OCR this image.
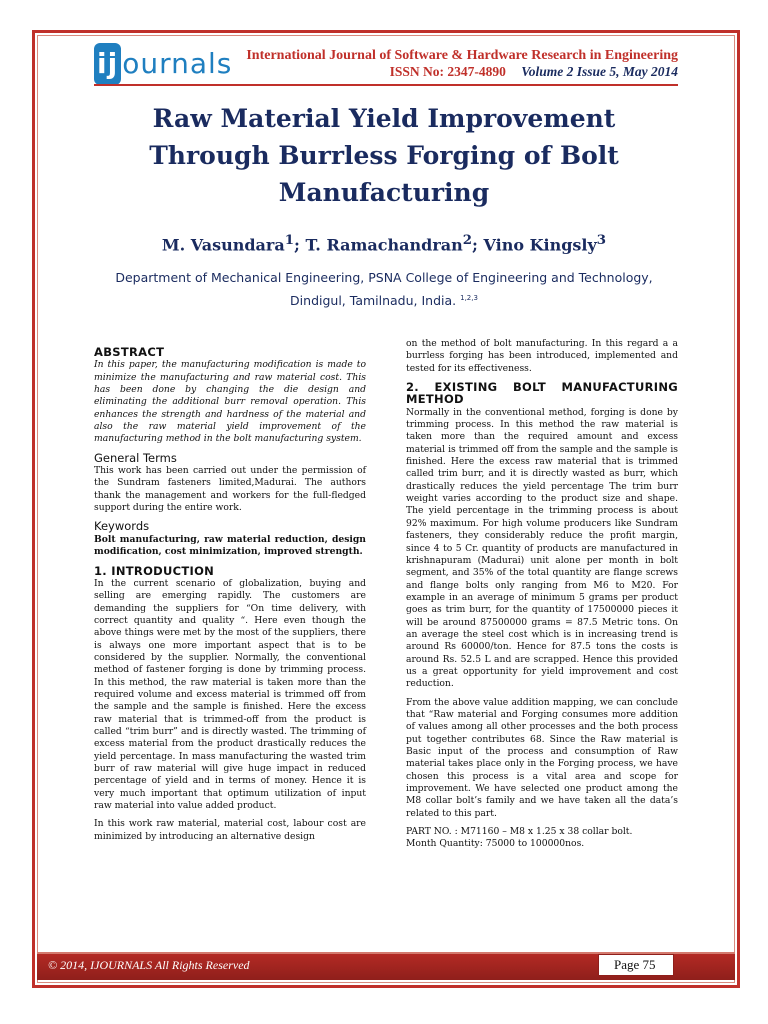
ij ournals International Journal of Software & Hardware Research in Engineering
ISSN No: 2347-4890 Volume 2 Issue 5, May 2014
Raw Material Yield Improvement
Through Burrless Forging of Bolt
Manufacturing
M. Vasundara$^1$; T. Ramachandran$^2$; Vino Kingsly$^3$
Department of Mechanical Engineering, PSNA College of Engineering and Technology,
Dindigul, Tamilnadu, India. $^{1,2,3}$
ABSTRACT

In this paper, the manufacturing modification is made to minimize the manufacturing and raw material cost. This has been done by changing the die design and eliminating the additional burr removal operation. This enhances the strength and hardness of the material and also the raw material yield improvement of the manufacturing method in the bolt manufacturing system.

General Terms

This work has been carried out under the permission of the Sundram fasteners limited,Madurai. The authors thank the management and workers for the full-fledged support during the entire work.

Keywords

Bolt manufacturing, raw material reduction, design modification, cost minimization, improved strength.

1. INTRODUCTION

In the current scenario of globalization, buying and selling are emerging rapidly. The customers are demanding the suppliers for “On time delivery, with correct quantity and quality “. Here even though the above things were met by the most of the suppliers, there is always one more important aspect that is to be considered by the supplier. Normally, the conventional method of fastener forging is done by trimming process. In this method, the raw material is taken more than the required volume and excess material is trimmed off from the sample and the sample is finished. Here the excess raw material that is trimmed-off from the product is called “trim burr” and is directly wasted. The trimming of excess material from the product drastically reduces the yield percentage. In mass manufacturing the wasted trim burr of raw material will give huge impact in reduced percentage of yield and in terms of money. Hence it is very much important that optimum utilization of input raw material into value added product.

In this work raw material, material cost, labour cost are minimized by introducing an alternative design

on the method of bolt manufacturing. In this regard a a burrless forging has been introduced, implemented and tested for its effectiveness.

2. EXISTING BOLT MANUFACTURING METHOD

Normally in the conventional method, forging is done by trimming process. In this method the raw material is taken more than the required amount and excess material is trimmed off from the sample and the sample is finished. Here the excess raw material that is trimmed called trim burr, and it is directly wasted as burr, which drastically reduces the yield percentage The trim burr weight varies according to the product size and shape. The yield percentage in the trimming process is about 92% maximum. For high volume producers like Sundram fasteners, they considerably reduce the profit margin, since 4 to 5 Cr. quantity of products are manufactured in krishnapuram (Madurai) unit alone per month in bolt segment, and 35% of the total quantity are flange screws and flange bolts only ranging from M6 to M20. For example in an average of minimum 5 grams per product goes as trim burr, for the quantity of 17500000 pieces it will be around 87500000 grams = 87.5 Metric tons. On an average the steel cost which is in increasing trend is around Rs 60000/ton. Hence for 87.5 tons the costs is around Rs. 52.5 L and are scrapped. Hence this provided us a great opportunity for yield improvement and cost reduction.

From the above value addition mapping, we can conclude that “Raw material and Forging consumes more addition of values among all other processes and the both process put together contributes 68. Since the Raw material is Basic input of the process and consumption of Raw material takes place only in the Forging process, we have chosen this process is a vital area and scope for improvement. We have selected one product among the M8 collar bolt’s family and we have taken all the data’s related to this part.

PART NO. : M71160 – M8 x 1.25 x 38 collar bolt.

Month Quantity: 75000 to 100000nos.

© 2014, IJOURNALS All Rights Reserved	Page 75
